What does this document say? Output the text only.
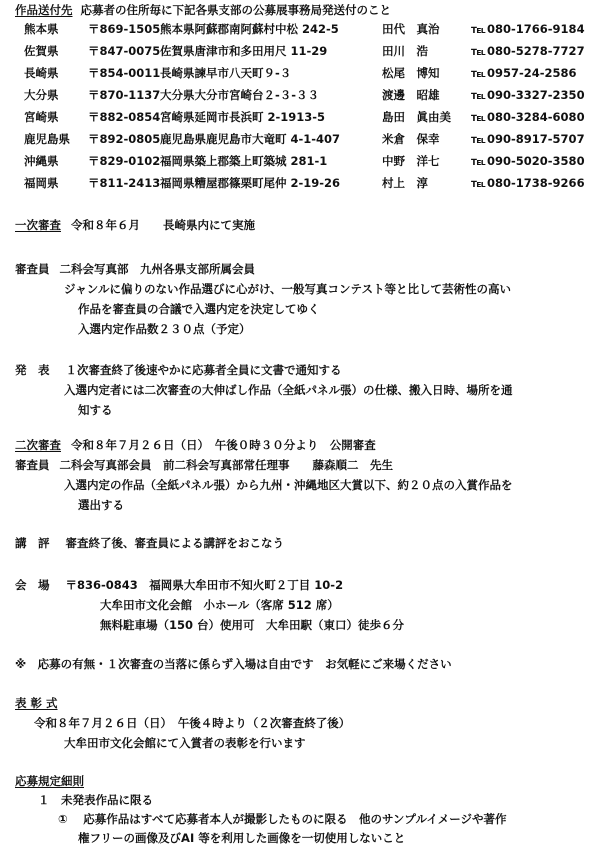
作品送付先 応募者の住所毎に下記各県支部の公募展事務局発送付のこと
熊本県	〒869-1505 熊本県阿蘇郡南阿蘇村中松 242-5	田代　真治	℡ 080-1766-9184
佐賀県	〒847-0075 佐賀県唐津市和多田用尺 11-29	田川　浩	℡ 080-5278-7727
長崎県	〒854-0011 長崎県諫早市八天町９-３	松尾　博知	℡ 0957-24-2586
大分県	〒870-1137 大分県大分市宮崎台２-３-３３	渡邊　昭雄	℡ 090-3327-2350
宮崎県	〒882-0854 宮崎県延岡市長浜町 2-1913-5	島田　眞由美 ℡ 080-3284-6080
鹿児島県 〒892-0805 鹿児島県鹿児島市大竜町 4-1-407	米倉　保幸	℡ 090-8917-5707
沖縄県	〒829-0102 福岡県築上郡築上町築城 281-1	中野　洋七	℡ 090-5020-3580
福岡県	〒811-2413 福岡県糟屋郡篠栗町尾仲 2-19-26	村上　淳	℡ 080-1738-9266
一次審査 令和８年６月　　長崎県内にて実施
審査員 二科会写真部　九州各県支部所属会員
ジャンルに偏りのない作品選びに心がけ、一般写真コンテスト等と比して芸術性の高い
作品を審査員の合議で入選内定を決定してゆく
入選内定作品数２３０点（予定）
発　表 １次審査終了後速やかに応募者全員に文書で通知する
入選内定者には二次審査の大伸ばし作品（全紙パネル張）の仕様、搬入日時、場所を通
知する
二次審査 令和８年７月２６日（日）　午後０時３０分より　公開審査
審査員 二科会写真部会員　前二科会写真部常任理事　　藤森順二　先生
入選内定の作品（全紙パネル張）から九州・沖縄地区大賞以下、約２０点の入賞作品を
選出する
講　評 審査終了後、審査員による講評をおこなう
会　場 〒836-0843　福岡県大牟田市不知火町２丁目 10-2
大牟田市文化会館　小ホール（客席 512 席）
無料駐車場（150 台）使用可　大牟田駅（東口）徒歩６分
※　応募の有無・１次審査の当落に係らず入場は自由です　お気軽にご来場ください
表 彰 式
令和８年７月２６日（日）　午後４時より（２次審査終了後）
大牟田市文化会館にて入賞者の表彰を行います
応募規定細則
１　未発表作品に限る
①　 応募作品はすべて応募者本人が撮影したものに限る　他のサンプルイメージや著作
権フリーの画像及びAI 等を利用した画像を一切使用しないこと
